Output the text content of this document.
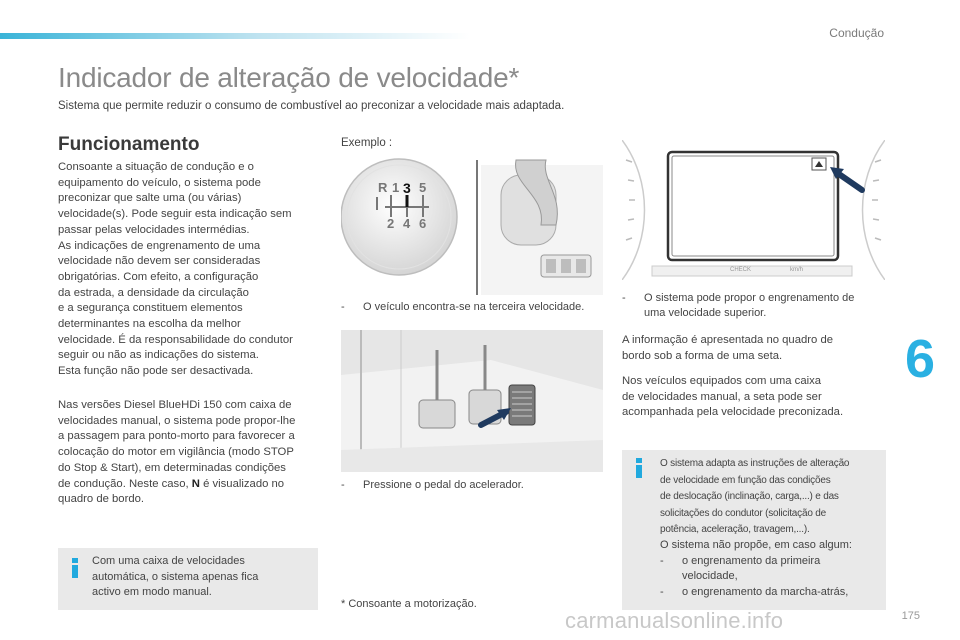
Condução
Indicador de alteração de velocidade*
Sistema que permite reduzir o consumo de combustível ao preconizar a velocidade mais adaptada.
Funcionamento
Consoante a situação de condução e o
equipamento do veículo, o sistema pode
preconizar que salte uma (ou várias)
velocidade(s). Pode seguir esta indicação sem
passar pelas velocidades intermédias.
As indicações de engrenamento de uma
velocidade não devem ser consideradas
obrigatórias. Com efeito, a configuração
da estrada, a densidade da circulação
e a segurança constituem elementos
determinantes na escolha da melhor
velocidade. É da responsabilidade do condutor
seguir ou não as indicações do sistema.
Esta função não pode ser desactivada.
Nas versões Diesel BlueHDi 150 com caixa de
velocidades manual, o sistema pode propor-lhe
a passagem para ponto-morto para favorecer a
colocação do motor em vigilância (modo STOP
do Stop & Start), em determinadas condições
de condução. Neste caso, N é visualizado no
quadro de bordo.
Com uma caixa de velocidades
automática, o sistema apenas fica
activo em modo manual.
Exemplo :
R 1 3 5
2 4 6
-	O veículo encontra-se na terceira velocidade.
-	Pressione o pedal do acelerador.
* Consoante a motorização.
CHECK	km/h
-	O sistema pode propor o engrenamento de
uma velocidade superior.
A informação é apresentada no quadro de
bordo sob a forma de uma seta.
Nos veículos equipados com uma caixa
de velocidades manual, a seta pode ser
acompanhada pela velocidade preconizada.
O sistema adapta as instruções de alteração
de velocidade em função das condições
de deslocação (inclinação, carga,...) e das
solicitações do condutor (solicitação de
potência, aceleração, travagem,...).
O sistema não propõe, em caso algum:
- o engrenamento da primeira
velocidade,
- o engrenamento da marcha-atrás,
6
carmanualsonline.info	175
